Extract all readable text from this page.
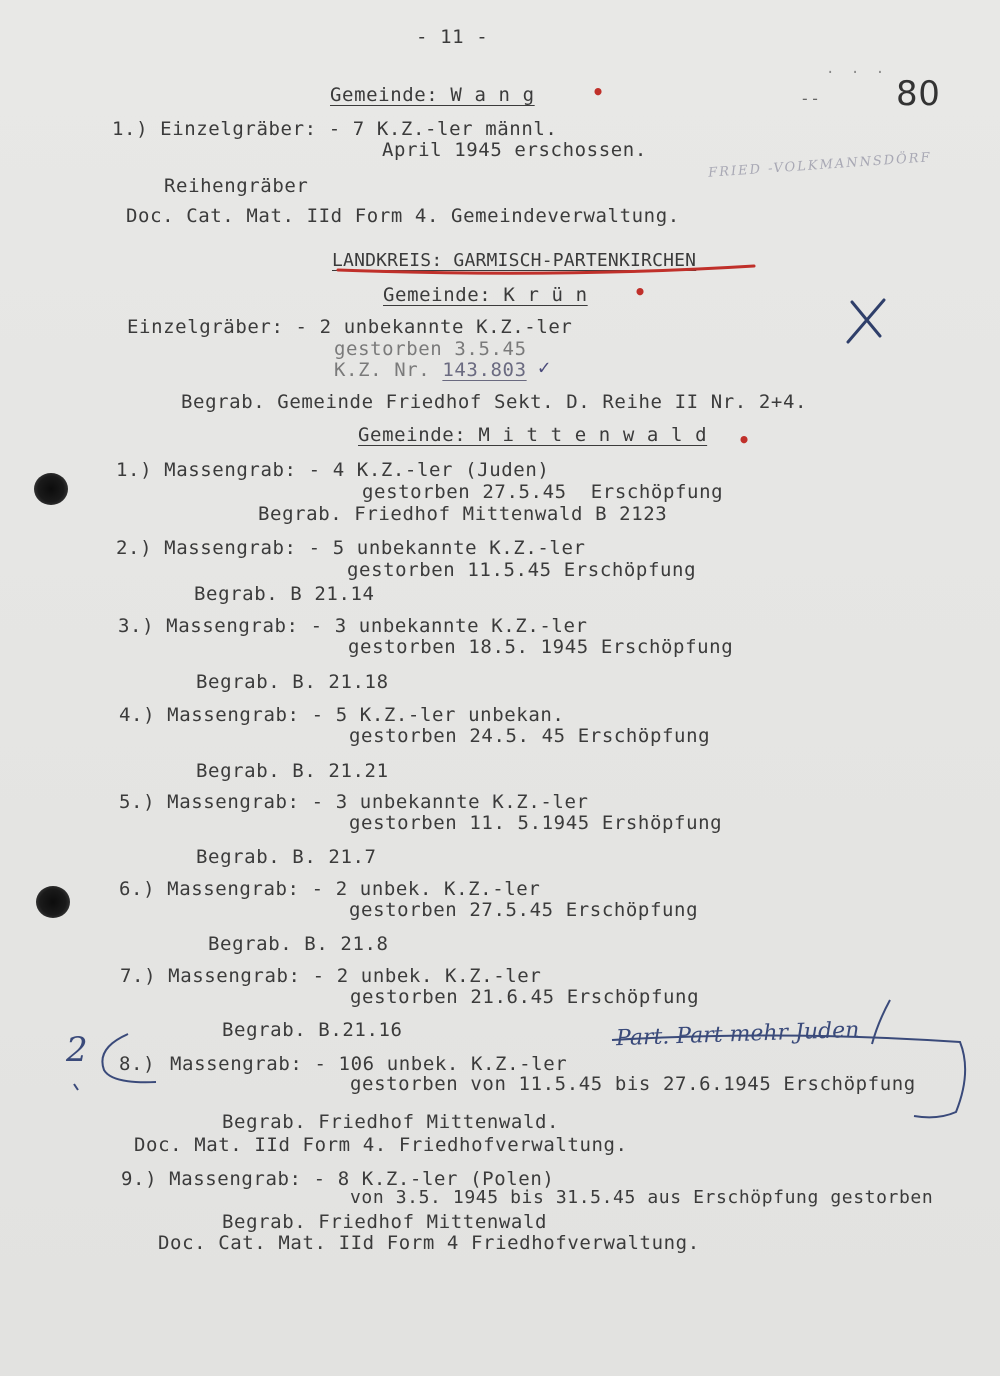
- 11 -
--
. . .
80
FRIED -VOLKMANNSDÖRF
Gemeinde: W a n g	•
1.) Einzelgräber: - 7 K.Z.-ler männl.
April 1945 erschossen.
Reihengräber
Doc. Cat. Mat. IId Form 4. Gemeindeverwaltung.
LANDKREIS: GARMISCH-PARTENKIRCHEN
Gemeinde: K r ü n •
Einzelgräber: - 2 unbekannte K.Z.-ler
gestorben 3.5.45
K.Z. Nr. 143.803 ✓
Begrab. Gemeinde Friedhof Sekt. D. Reihe II Nr. 2+4.
Gemeinde: M i t t e n w a l d •
1.) Massengrab: - 4 K.Z.-ler (Juden)
gestorben 27.5.45  Erschöpfung
Begrab. Friedhof Mittenwald B 2123
2.) Massengrab: - 5 unbekannte K.Z.-ler
gestorben 11.5.45 Erschöpfung
Begrab. B 21.14
3.) Massengrab: - 3 unbekannte K.Z.-ler
gestorben 18.5. 1945 Erschöpfung
Begrab. B. 21.18
4.) Massengrab: - 5 K.Z.-ler unbekan.
gestorben 24.5. 45 Erschöpfung
Begrab. B. 21.21
5.) Massengrab: - 3 unbekannte K.Z.-ler
gestorben 11. 5.1945 Ershöpfung
Begrab. B. 21.7
6.) Massengrab: - 2 unbek. K.Z.-ler
gestorben 27.5.45 Erschöpfung
Begrab. B. 21.8
7.) Massengrab: - 2 unbek. K.Z.-ler
gestorben 21.6.45 Erschöpfung
Begrab. B.21.16
8.) Massengrab: - 106 unbek. K.Z.-ler
gestorben von 11.5.45 bis 27.6.1945 Erschöpfung
Begrab. Friedhof Mittenwald.
Doc. Mat. IId Form 4. Friedhofverwaltung.
9.) Massengrab: - 8 K.Z.-ler (Polen)
von 3.5. 1945 bis 31.5.45 aus Erschöpfung gestorben
Begrab. Friedhof Mittenwald
Doc. Cat. Mat. IId Form 4 Friedhofverwaltung.
2	Part. Part mehr Juden
